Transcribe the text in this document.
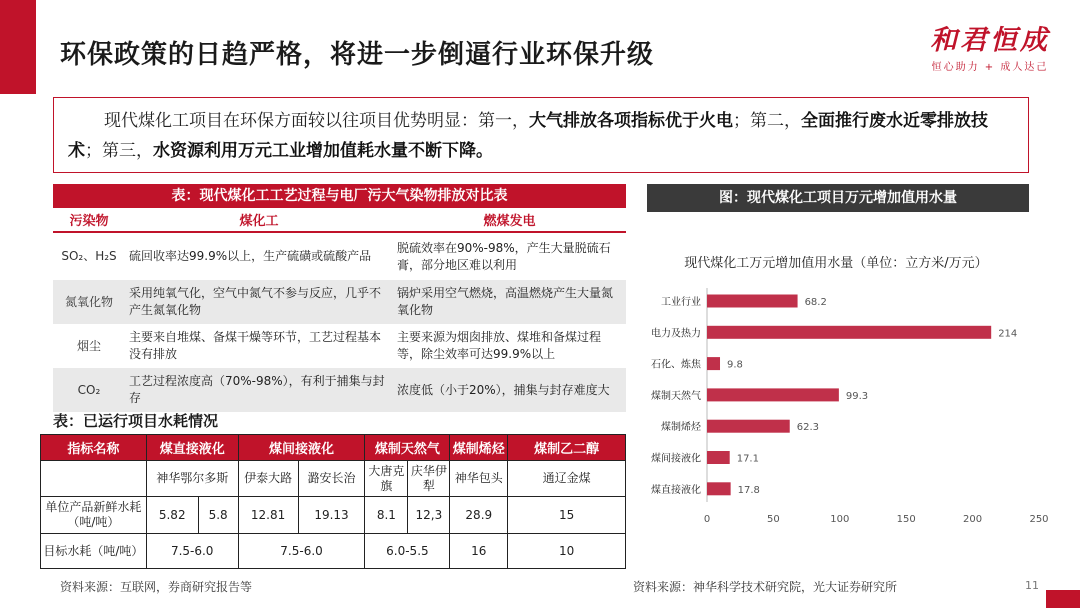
环保政策的日趋严格，将进一步倒逼行业环保升级	和君恒成
恒心助力 + 成人达己
现代煤化工项目在环保方面较以往项目优势明显：第一，大气排放各项指标优于火电；第二，全面推行废水近零排放技术；第三，水资源利用万元工业增加值耗水量不断下降。
表：现代煤化工工艺过程与电厂污大气染物排放对比表
污染物	煤化工	燃煤发电
SO₂、H₂S	硫回收率达99.9%以上，生产硫磺或硫酸产品	脱硫效率在90%-98%，产生大量脱硫石膏，部分地区难以利用
氮氧化物	采用纯氧气化，空气中氮气不参与反应，几乎不产生氮氧化物	锅炉采用空气燃烧，高温燃烧产生大量氮氧化物
烟尘	主要来自堆煤、备煤干燥等环节，工艺过程基本没有排放	主要来源为烟囱排放、煤堆和备煤过程等，除尘效率可达99.9%以上
CO₂	工艺过程浓度高（70%-98%），有利于捕集与封存	浓度低（小于20%），捕集与封存难度大
表：已运行项目水耗情况
指标名称	煤直接液化		煤间接液化		煤制天然气		煤制烯烃	煤制乙二醇
	神华鄂尔多斯		伊泰大路	潞安长治	大唐克旗	庆华伊犁	神华包头	通辽金煤
单位产品新鲜水耗（吨/吨）	5.82	5.8	12.81	19.13	8.1	12,3	28.9	15
目标水耗（吨/吨）	7.5-6.0		7.5-6.0		6.0-5.5		16	10
资料来源：互联网，券商研究报告等	资料来源：神华科学技术研究院，光大证券研究所	11
图：现代煤化工项目万元增加值用水量
现代煤化工万元增加值用水量（单位：立方米/万元）
工业行业	68.2
电力及热力	214
石化、炼焦	9.8
煤制天然气	99.3
煤制烯烃	62.3
煤间接液化	17.1
煤直接液化	17.8
0	50	100	150	200	250
